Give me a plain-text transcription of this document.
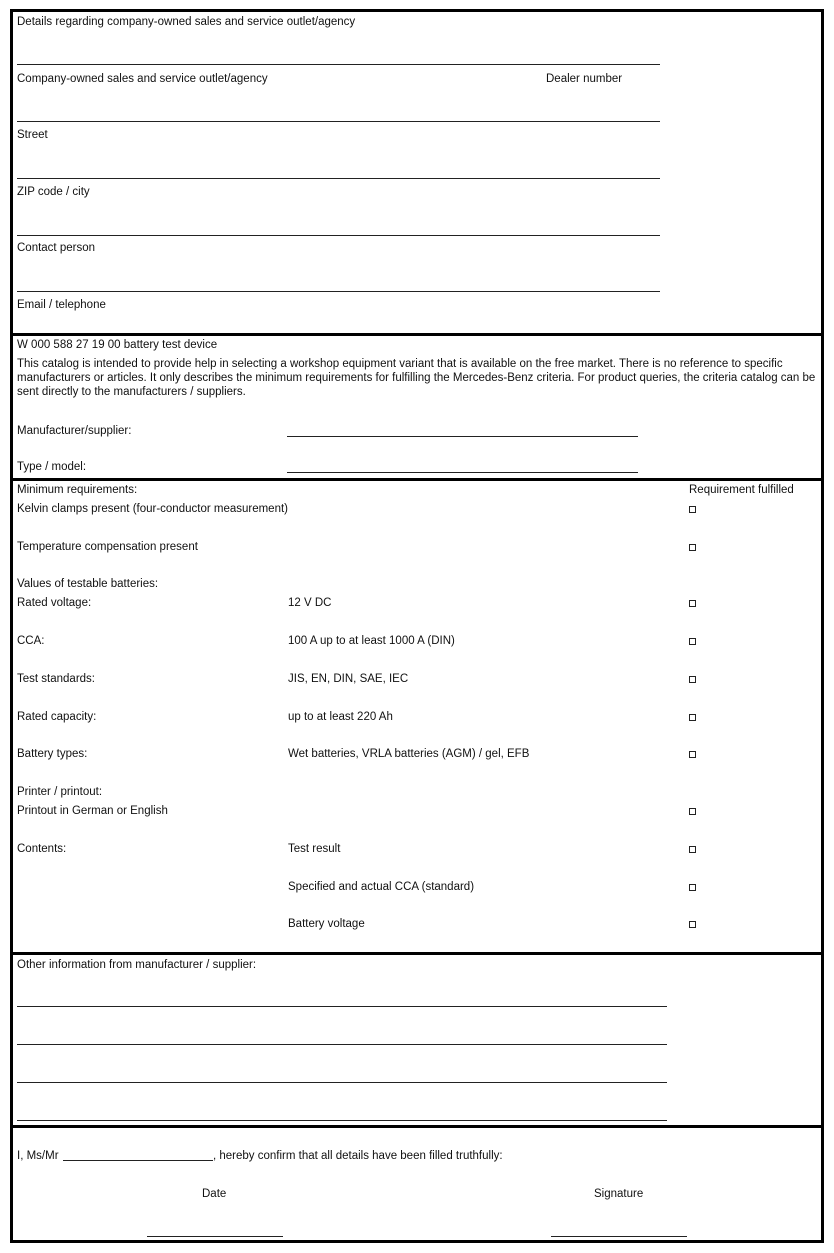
Details regarding company-owned sales and service outlet/agency
Company-owned sales and service outlet/agency	Dealer number
Street
ZIP code / city
Contact person
Email / telephone
W 000 588 27 19 00 battery test device
This catalog is intended to provide help in selecting a workshop equipment variant that is available on the free market. There is no reference to specific manufacturers or articles. It only describes the minimum requirements for fulfilling the Mercedes-Benz criteria. For product queries, the criteria catalog can be sent directly to the manufacturers / suppliers.
Manufacturer/supplier:
Type / model:
Minimum requirements:	Requirement fulfilled
Kelvin clamps present (four-conductor measurement)
Temperature compensation present
Values of testable batteries:
Rated voltage:	12 V DC
CCA:	100 A up to at least 1000 A (DIN)
Test standards:	JIS, EN, DIN, SAE, IEC
Rated capacity:	up to at least 220 Ah
Battery types:	Wet batteries, VRLA batteries (AGM) / gel, EFB
Printer / printout:
Printout in German or English
Contents:	Test result
Specified and actual CCA (standard)
Battery voltage
Other information from manufacturer / supplier:
I, Ms/Mr	, hereby confirm that all details have been filled truthfully:
Date	Signature
